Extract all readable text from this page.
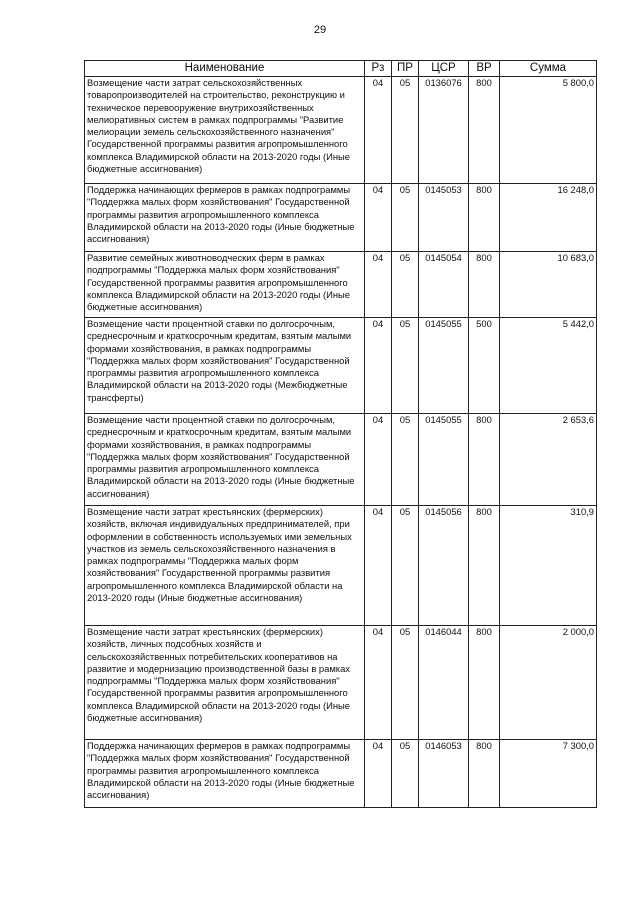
29
Наименование	Рз	ПР	ЦСР	ВР	Сумма
Возмещение части затрат сельскохозяйственных товаропроизводителей на строительство, реконструкцию и техническое перевооружение внутрихозяйственных мелиоративных систем в рамках подпрограммы "Развитие мелиорации земель сельскохозяйственного назначения" Государственной программы развития агропромышленного комплекса Владимирской области на 2013-2020 годы (Иные бюджетные ассигнования)	04	05	0136076	800	5 800,0
Поддержка начинающих фермеров в рамках подпрограммы "Поддержка малых форм хозяйствования" Государственной программы развития агропромышленного комплекса Владимирской области на 2013-2020 годы (Иные бюджетные ассигнования)	04	05	0145053	800	16 248,0
Развитие семейных животноводческих ферм в рамках подпрограммы "Поддержка малых форм хозяйствования" Государственной программы развития агропромышленного комплекса Владимирской области на 2013-2020 годы (Иные бюджетные ассигнования)	04	05	0145054	800	10 683,0
Возмещение части процентной ставки по долгосрочным, среднесрочным и краткосрочным кредитам, взятым малыми формами хозяйствования, в рамках подпрограммы "Поддержка малых форм хозяйствования" Государственной программы развития агропромышленного комплекса Владимирской области на 2013-2020 годы (Межбюджетные трансферты)	04	05	0145055	500	5 442,0
Возмещение части процентной ставки по долгосрочным, среднесрочным и краткосрочным кредитам, взятым малыми формами хозяйствования, в рамках подпрограммы "Поддержка малых форм хозяйствования" Государственной программы развития агропромышленного комплекса Владимирской области на 2013-2020 годы (Иные бюджетные ассигнования)	04	05	0145055	800	2 653,6
Возмещение части затрат крестьянских (фермерских) хозяйств, включая индивидуальных предпринимателей, при оформлении в собственность используемых ими земельных участков из земель сельскохозяйственного назначения в рамках подпрограммы "Поддержка малых форм хозяйствования" Государственной программы развития агропромышленного комплекса Владимирской области на 2013-2020 годы (Иные бюджетные ассигнования)	04	05	0145056	800	310,9
Возмещение части затрат крестьянских (фермерских) хозяйств, личных подсобных хозяйств и сельскохозяйственных потребительских кооперативов на развитие и модернизацию производственной базы в рамках подпрограммы "Поддержка малых форм хозяйствования" Государственной программы развития агропромышленного комплекса Владимирской области на 2013-2020 годы (Иные бюджетные ассигнования)	04	05	0146044	800	2 000,0
Поддержка начинающих фермеров в рамках подпрограммы "Поддержка малых форм хозяйствования" Государственной программы развития агропромышленного комплекса Владимирской области на 2013-2020 годы (Иные бюджетные ассигнования)	04	05	0146053	800	7 300,0
